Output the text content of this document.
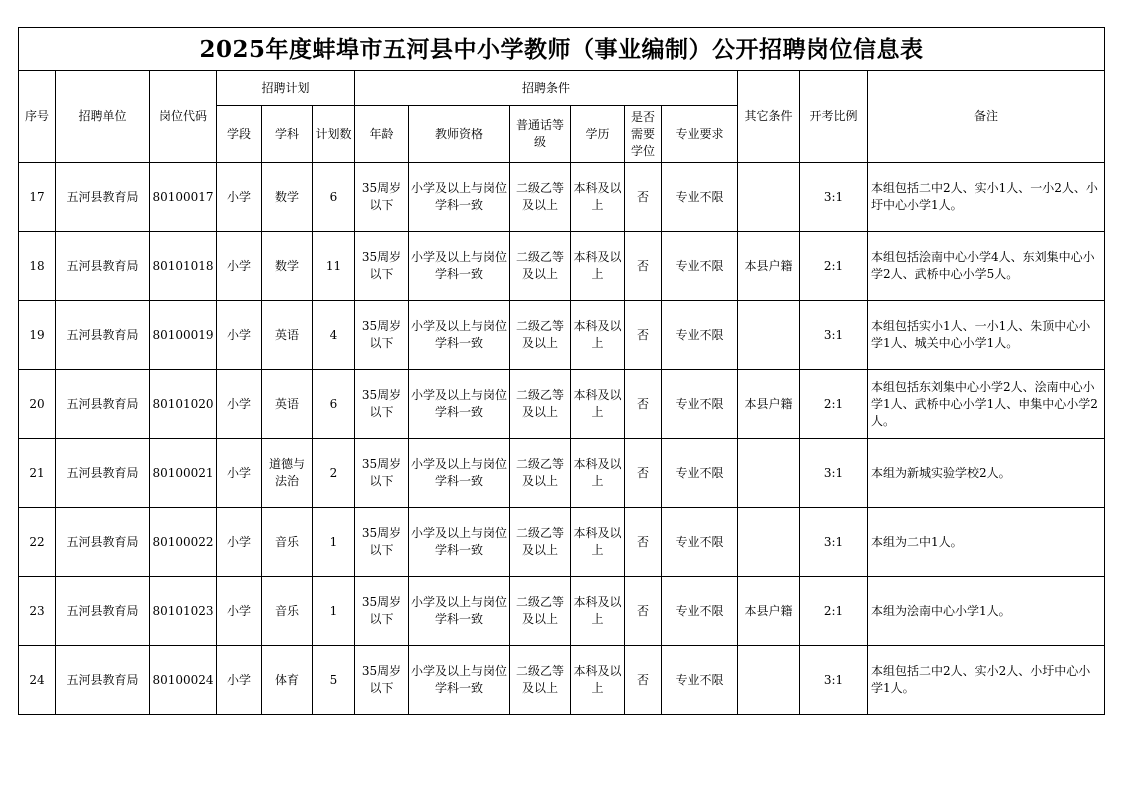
2025年度蚌埠市五河县中小学教师（事业编制）公开招聘岗位信息表														
序号	招聘单位	岗位代码	招聘计划			招聘条件						其它条件	开考比例	备注
			学段	学科	计划数	年龄	教师资格	普通话等级	学历	是否需要学位	专业要求			
17	五河县教育局	80100017	小学	数学	6	35周岁以下	小学及以上与岗位学科一致	二级乙等及以上	本科及以上	否	专业不限		3:1	本组包括二中2人、实小1人、一小2人、小圩中心小学1人。
18	五河县教育局	80101018	小学	数学	11	35周岁以下	小学及以上与岗位学科一致	二级乙等及以上	本科及以上	否	专业不限	本县户籍	2:1	本组包括浍南中心小学4人、东刘集中心小学2人、武桥中心小学5人。
19	五河县教育局	80100019	小学	英语	4	35周岁以下	小学及以上与岗位学科一致	二级乙等及以上	本科及以上	否	专业不限		3:1	本组包括实小1人、一小1人、朱顶中心小学1人、城关中心小学1人。
20	五河县教育局	80101020	小学	英语	6	35周岁以下	小学及以上与岗位学科一致	二级乙等及以上	本科及以上	否	专业不限	本县户籍	2:1	本组包括东刘集中心小学2人、浍南中心小学1人、武桥中心小学1人、申集中心小学2人。
21	五河县教育局	80100021	小学	道德与法治	2	35周岁以下	小学及以上与岗位学科一致	二级乙等及以上	本科及以上	否	专业不限		3:1	本组为新城实验学校2人。
22	五河县教育局	80100022	小学	音乐	1	35周岁以下	小学及以上与岗位学科一致	二级乙等及以上	本科及以上	否	专业不限		3:1	本组为二中1人。
23	五河县教育局	80101023	小学	音乐	1	35周岁以下	小学及以上与岗位学科一致	二级乙等及以上	本科及以上	否	专业不限	本县户籍	2:1	本组为浍南中心小学1人。
24	五河县教育局	80100024	小学	体育	5	35周岁以下	小学及以上与岗位学科一致	二级乙等及以上	本科及以上	否	专业不限		3:1	本组包括二中2人、实小2人、小圩中心小学1人。
